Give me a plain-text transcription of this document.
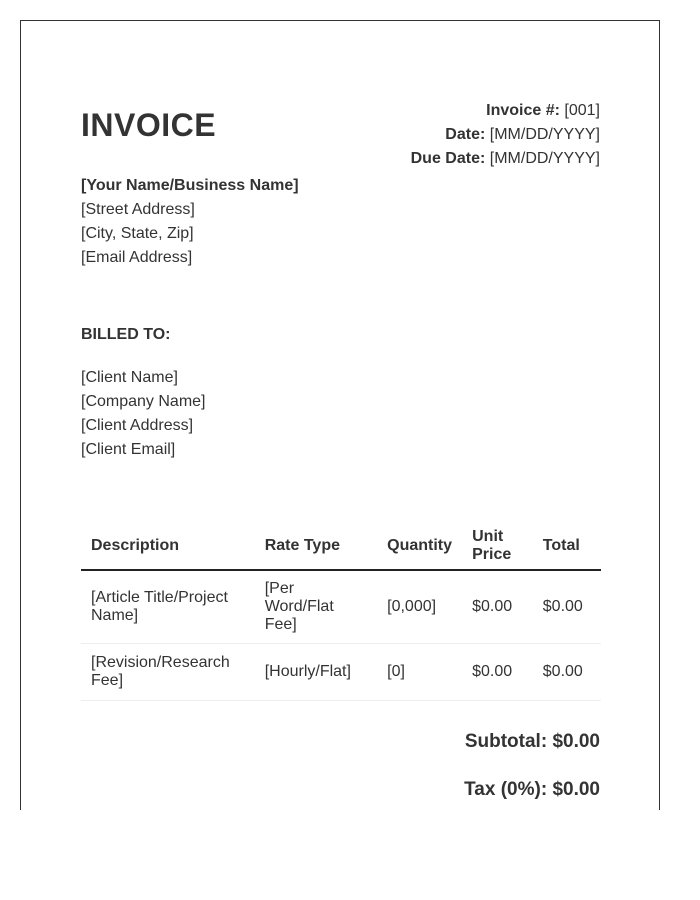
INVOICE	Invoice #: [001]
Date: [MM/DD/YYYY]
Due Date: [MM/DD/YYYY]
[Your Name/Business Name]
[Street Address]
[City, State, Zip]
[Email Address]
BILLED TO:
[Client Name]
[Company Name]
[Client Address]
[Client Email]
Description	Rate Type	Quantity	Unit Price	Total
[Article Title/Project Name]	[Per Word/Flat Fee]	[0,000]	$0.00	$0.00
[Revision/Research Fee]	[Hourly/Flat]	[0]	$0.00	$0.00
Subtotal: $0.00
Tax (0%): $0.00
